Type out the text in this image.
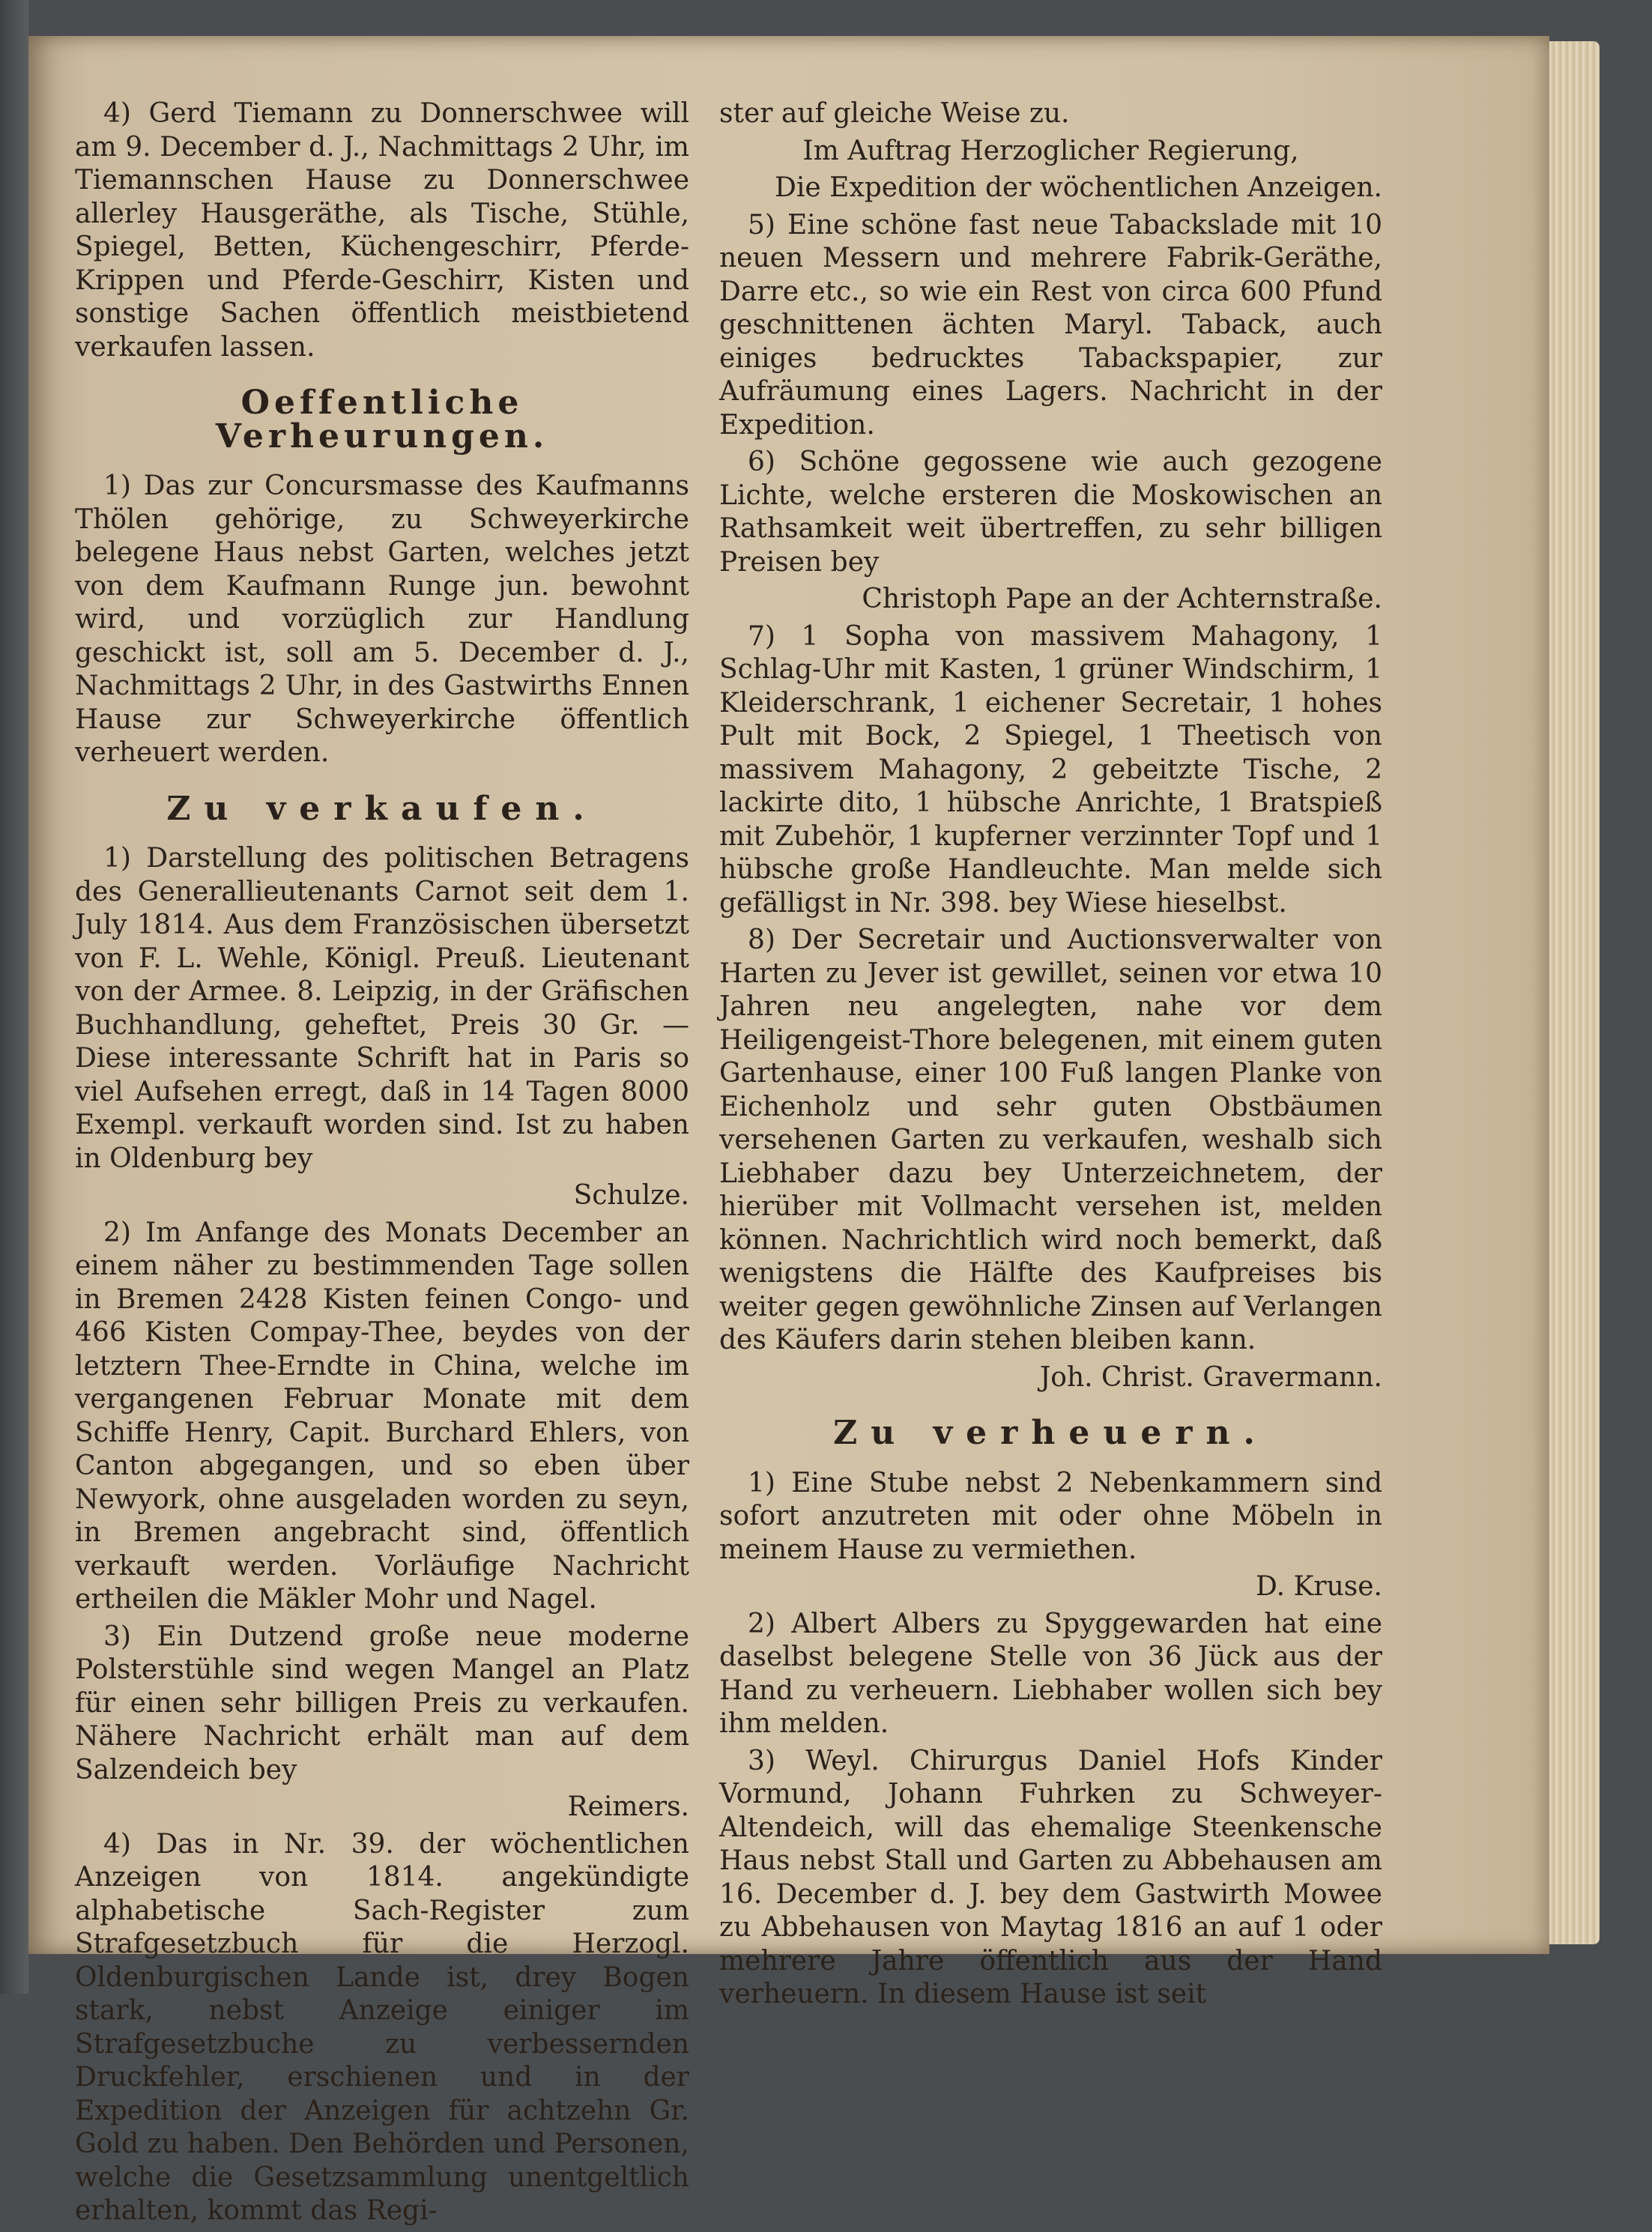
4) Gerd Tiemann zu Donnerschwee will am 9. December d. J., Nachmittags 2 Uhr, im Tiemannschen Hause zu Donnerschwee allerley Hausgeräthe, als Tische, Stühle, Spiegel, Betten, Küchengeschirr, Pferde-Krippen und Pferde-Geschirr, Kisten und sonstige Sachen öffentlich meistbietend verkaufen lassen.

Oeffentliche Verheurungen.

1) Das zur Concursmasse des Kaufmanns Thölen gehörige, zu Schweyerkirche belegene Haus nebst Garten, welches jetzt von dem Kaufmann Runge jun. bewohnt wird, und vorzüglich zur Handlung geschickt ist, soll am 5. December d. J., Nachmittags 2 Uhr, in des Gastwirths Ennen Hause zur Schweyerkirche öffentlich verheuert werden.

Zu verkaufen.

1) Darstellung des politischen Betragens des Generallieutenants Carnot seit dem 1. July 1814. Aus dem Französischen übersetzt von F. L. Wehle, Königl. Preuß. Lieutenant von der Armee. 8. Leipzig, in der Gräfischen Buchhandlung, geheftet, Preis 30 Gr. — Diese interessante Schrift hat in Paris so viel Aufsehen erregt, daß in 14 Tagen 8000 Exempl. verkauft worden sind. Ist zu haben in Oldenburg bey

Schulze.

2) Im Anfange des Monats December an einem näher zu bestimmenden Tage sollen in Bremen 2428 Kisten feinen Congo- und 466 Kisten Compay-Thee, beydes von der letztern Thee-Erndte in China, welche im vergangenen Februar Monate mit dem Schiffe Henry, Capit. Burchard Ehlers, von Canton abgegangen, und so eben über Newyork, ohne ausgeladen worden zu seyn, in Bremen angebracht sind, öffentlich verkauft werden. Vorläufige Nachricht ertheilen die Mäkler Mohr und Nagel.

3) Ein Dutzend große neue moderne Polsterstühle sind wegen Mangel an Platz für einen sehr billigen Preis zu verkaufen. Nähere Nachricht erhält man auf dem Salzendeich bey

Reimers.

4) Das in Nr. 39. der wöchentlichen Anzeigen von 1814. angekündigte alphabetische Sach-Register zum Strafgesetzbuch für die Herzogl. Oldenburgischen Lande ist, drey Bogen stark, nebst Anzeige einiger im Strafgesetzbuche zu verbessernden Druckfehler, erschienen und in der Expedition der Anzeigen für achtzehn Gr. Gold zu haben. Den Behörden und Personen, welche die Gesetzsammlung unentgeltlich erhalten, kommt das Regi-

ster auf gleiche Weise zu.

Im Auftrag Herzoglicher Regierung,

Die Expedition der wöchentlichen Anzeigen.

5) Eine schöne fast neue Tabackslade mit 10 neuen Messern und mehrere Fabrik-Geräthe, Darre etc., so wie ein Rest von circa 600 Pfund geschnittenen ächten Maryl. Taback, auch einiges bedrucktes Tabackspapier, zur Aufräumung eines Lagers. Nachricht in der Expedition.

6) Schöne gegossene wie auch gezogene Lichte, welche ersteren die Moskowischen an Rathsamkeit weit übertreffen, zu sehr billigen Preisen bey

Christoph Pape an der Achternstraße.

7) 1 Sopha von massivem Mahagony, 1 Schlag-Uhr mit Kasten, 1 grüner Windschirm, 1 Kleiderschrank, 1 eichener Secretair, 1 hohes Pult mit Bock, 2 Spiegel, 1 Theetisch von massivem Mahagony, 2 gebeitzte Tische, 2 lackirte dito, 1 hübsche Anrichte, 1 Bratspieß mit Zubehör, 1 kupferner verzinnter Topf und 1 hübsche große Handleuchte. Man melde sich gefälligst in Nr. 398. bey Wiese hieselbst.

8) Der Secretair und Auctionsverwalter von Harten zu Jever ist gewillet, seinen vor etwa 10 Jahren neu angelegten, nahe vor dem Heiligengeist-Thore belegenen, mit einem guten Gartenhause, einer 100 Fuß langen Planke von Eichenholz und sehr guten Obstbäumen versehenen Garten zu verkaufen, weshalb sich Liebhaber dazu bey Unterzeichnetem, der hierüber mit Vollmacht versehen ist, melden können. Nachrichtlich wird noch bemerkt, daß wenigstens die Hälfte des Kaufpreises bis weiter gegen gewöhnliche Zinsen auf Verlangen des Käufers darin stehen bleiben kann.

Joh. Christ. Gravermann.

Zu verheuern.

1) Eine Stube nebst 2 Nebenkammern sind sofort anzutreten mit oder ohne Möbeln in meinem Hause zu vermiethen.

D. Kruse.

2) Albert Albers zu Spyggewarden hat eine daselbst belegene Stelle von 36 Jück aus der Hand zu verheuern. Liebhaber wollen sich bey ihm melden.

3) Weyl. Chirurgus Daniel Hofs Kinder Vormund, Johann Fuhrken zu Schweyer-Altendeich, will das ehemalige Steenkensche Haus nebst Stall und Garten zu Abbehausen am 16. December d. J. bey dem Gastwirth Mowee zu Abbehausen von Maytag 1816 an auf 1 oder mehrere Jahre öffentlich aus der Hand verheuern. In diesem Hause ist seit
